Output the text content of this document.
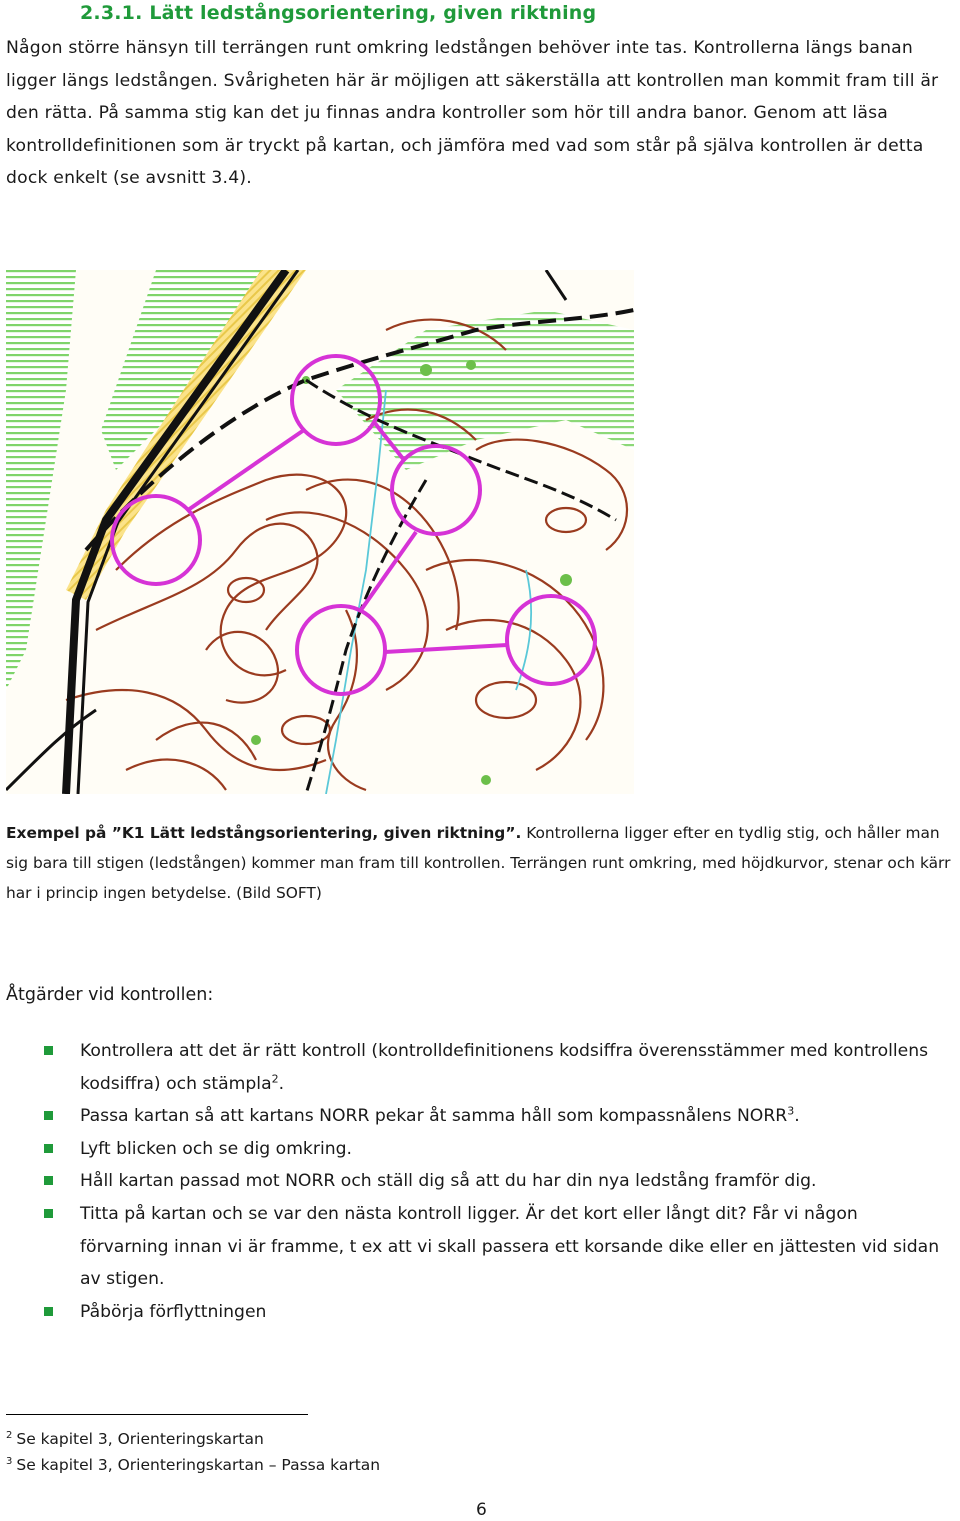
2.3.1. Lätt ledstångsorientering, given riktning

Någon större hänsyn till terrängen runt omkring ledstången behöver inte tas. Kontrollerna längs banan ligger längs ledstången. Svårigheten här är möjligen att säkerställa att kontrollen man kommit fram till är den rätta. På samma stig kan det ju finnas andra kontroller som hör till andra banor. Genom att läsa kontrolldefinitionen som är tryckt på kartan, och jämföra med vad som står på själva kontrollen är detta dock enkelt (se avsnitt 3.4).

Exempel på ”K1 Lätt ledstångsorientering, given riktning”. Kontrollerna ligger efter en tydlig stig, och håller man sig bara till stigen (ledstången) kommer man fram till kontrollen. Terrängen runt omkring, med höjdkurvor, stenar och kärr har i princip ingen betydelse. (Bild SOFT)

Åtgärder vid kontrollen:

Kontrollera att det är rätt kontroll (kontrolldefinitionens kodsiffra överensstämmer med kontrollens kodsiffra) och stämpla$^2$.
Passa kartan så att kartans NORR pekar åt samma håll som kompassnålens NORR$^3$.
Lyft blicken och se dig omkring.
Håll kartan passad mot NORR och ställ dig så att du har din nya ledstång framför dig.
Titta på kartan och se var den nästa kontroll ligger. Är det kort eller långt dit? Får vi någon förvarning innan vi är framme, t ex att vi skall passera ett korsande dike eller en jättesten vid sidan av stigen.
Påbörja förflyttningen

$^2$ Se kapitel 3, Orienteringskartan

$^3$ Se kapitel 3, Orienteringskartan – Passa kartan

6
